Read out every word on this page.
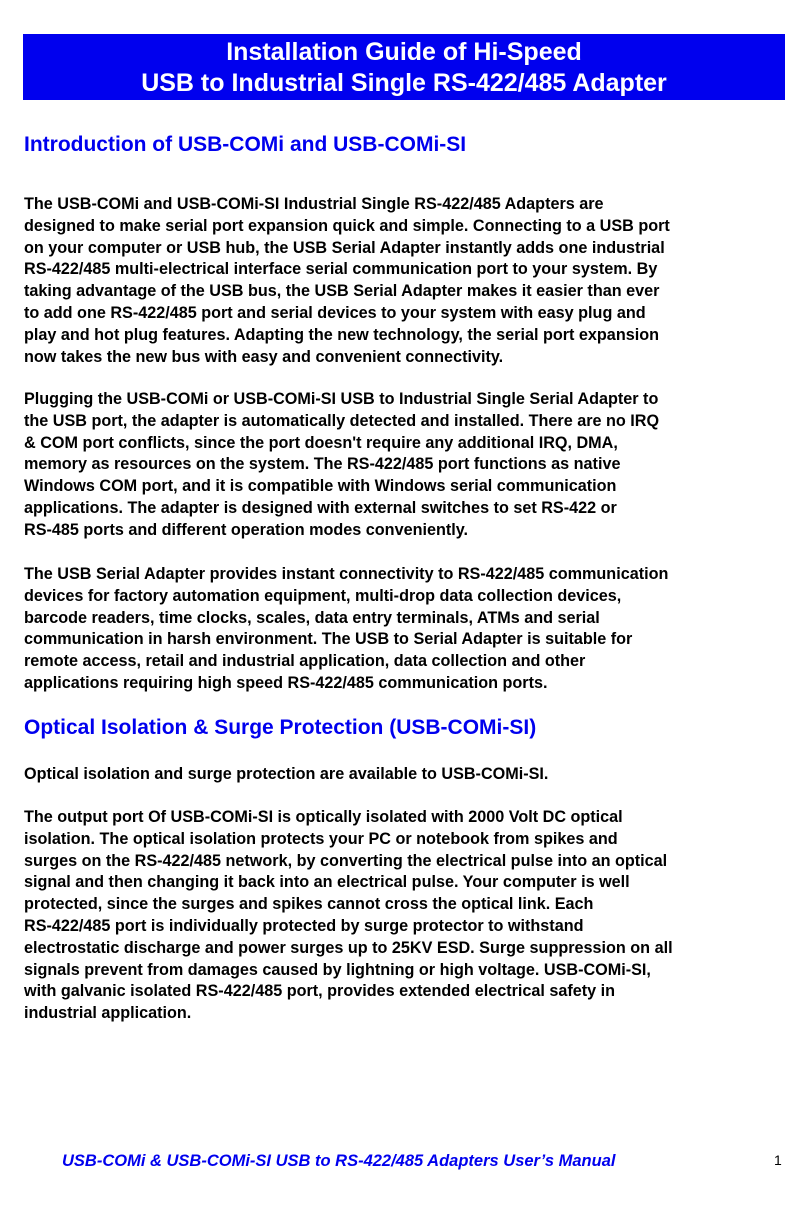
Installation Guide of Hi-Speed
USB to Industrial Single RS-422/485 Adapter
Introduction of USB-COMi and USB-COMi-SI
The USB-COMi and USB-COMi-SI Industrial Single RS-422/485 Adapters are
designed to make serial port expansion quick and simple. Connecting to a USB port
on your computer or USB hub, the USB Serial Adapter instantly adds one industrial
RS-422/485 multi-electrical interface serial communication port to your system. By
taking advantage of the USB bus, the USB Serial Adapter makes it easier than ever
to add one RS-422/485 port and serial devices to your system with easy plug and
play and hot plug features. Adapting the new technology, the serial port expansion
now takes the new bus with easy and convenient connectivity.
Plugging the USB-COMi or USB-COMi-SI USB to Industrial Single Serial Adapter to
the USB port, the adapter is automatically detected and installed. There are no IRQ
& COM port conflicts, since the port doesn't require any additional IRQ, DMA,
memory as resources on the system. The RS-422/485 port functions as native
Windows COM port, and it is compatible with Windows serial communication
applications. The adapter is designed with external switches to set RS-422 or
RS-485 ports and different operation modes conveniently.
The USB Serial Adapter provides instant connectivity to RS-422/485 communication
devices for factory automation equipment, multi-drop data collection devices,
barcode readers, time clocks, scales, data entry terminals, ATMs and serial
communication in harsh environment. The USB to Serial Adapter is suitable for
remote access, retail and industrial application, data collection and other
applications requiring high speed RS-422/485 communication ports.
Optical Isolation & Surge Protection (USB-COMi-SI)
Optical isolation and surge protection are available to USB-COMi-SI.
The output port Of USB-COMi-SI is optically isolated with 2000 Volt DC optical
isolation. The optical isolation protects your PC or notebook from spikes and
surges on the RS-422/485 network, by converting the electrical pulse into an optical
signal and then changing it back into an electrical pulse. Your computer is well
protected, since the surges and spikes cannot cross the optical link. Each
RS-422/485 port is individually protected by surge protector to withstand
electrostatic discharge and power surges up to 25KV ESD. Surge suppression on all
signals prevent from damages caused by lightning or high voltage. USB-COMi-SI,
with galvanic isolated RS-422/485 port, provides extended electrical safety in
industrial application.
USB-COMi & USB-COMi-SI USB to RS-422/485 Adapters User’s Manual	1
